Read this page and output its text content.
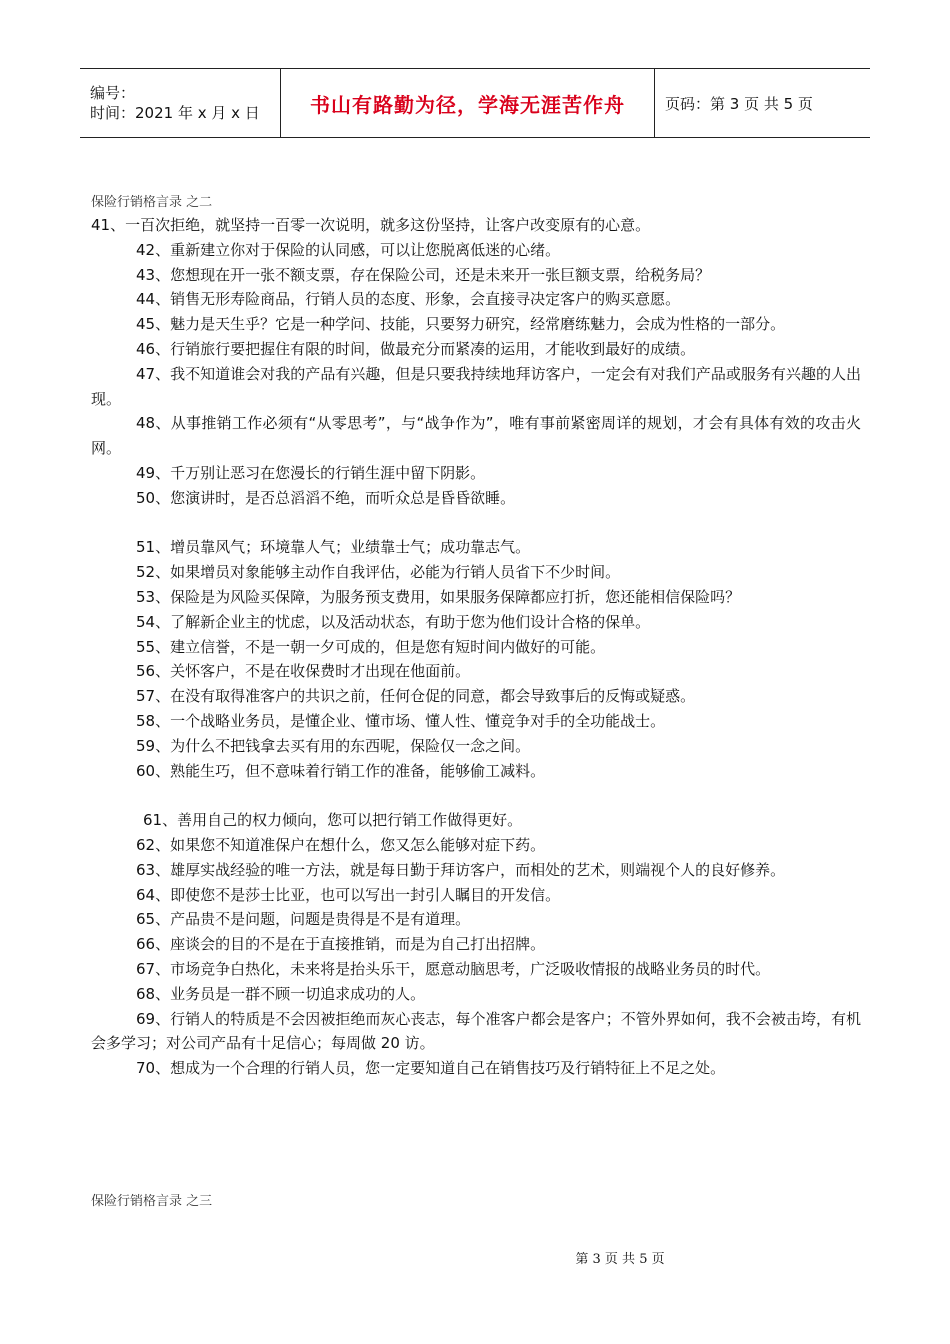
编号：
时间：2021 年 x 月 x 日	书山有路勤为径，学海无涯苦作舟	页码：第 3 页 共 5 页
保险行销格言录 之二
41、一百次拒绝，就坚持一百零一次说明，就多这份坚持，让客户改变原有的心意。
42、重新建立你对于保险的认同感，可以让您脱离低迷的心绪。
43、您想现在开一张不额支票，存在保险公司，还是未来开一张巨额支票，给税务局？
44、销售无形寿险商品，行销人员的态度、形象，会直接寻决定客户的购买意愿。
45、魅力是天生乎？它是一种学问、技能，只要努力研究，经常磨练魅力，会成为性格的一部分。
46、行销旅行要把握住有限的时间，做最充分而紧凑的运用，才能收到最好的成绩。
47、我不知道谁会对我的产品有兴趣，但是只要我持续地拜访客户，一定会有对我们产品或服务有兴趣的人出现。
48、从事推销工作必须有“从零思考”，与“战争作为”，唯有事前紧密周详的规划，才会有具体有效的攻击火网。
49、千万别让恶习在您漫长的行销生涯中留下阴影。
50、您演讲时，是否总滔滔不绝，而听众总是昏昏欲睡。
51、增员靠风气；环境靠人气；业绩靠士气；成功靠志气。
52、如果增员对象能够主动作自我评估，必能为行销人员省下不少时间。
53、保险是为风险买保障，为服务预支费用，如果服务保障都应打折，您还能相信保险吗？
54、了解新企业主的忧虑，以及活动状态，有助于您为他们设计合格的保单。
55、建立信誉，不是一朝一夕可成的，但是您有短时间内做好的可能。
56、关怀客户，不是在收保费时才出现在他面前。
57、在没有取得准客户的共识之前，任何仓促的同意，都会导致事后的反悔或疑惑。
58、一个战略业务员，是懂企业、懂市场、懂人性、懂竞争对手的全功能战士。
59、为什么不把钱拿去买有用的东西呢，保险仅一念之间。
60、熟能生巧，但不意味着行销工作的准备，能够偷工减料。
61、善用自己的权力倾向，您可以把行销工作做得更好。
62、如果您不知道准保户在想什么，您又怎么能够对症下药。
63、雄厚实战经验的唯一方法，就是每日勤于拜访客户，而相处的艺术，则端视个人的良好修养。
64、即使您不是莎士比亚，也可以写出一封引人瞩目的开发信。
65、产品贵不是问题，问题是贵得是不是有道理。
66、座谈会的目的不是在于直接推销，而是为自己打出招牌。
67、市场竞争白热化，未来将是抬头乐干，愿意动脑思考，广泛吸收情报的战略业务员的时代。
68、业务员是一群不顾一切追求成功的人。
69、行销人的特质是不会因被拒绝而灰心丧志，每个准客户都会是客户；不管外界如何，我不会被击垮，有机会多学习；对公司产品有十足信心；每周做 20 访。
70、想成为一个合理的行销人员，您一定要知道自己在销售技巧及行销特征上不足之处。
保险行销格言录 之三
第 3 页 共 5 页
